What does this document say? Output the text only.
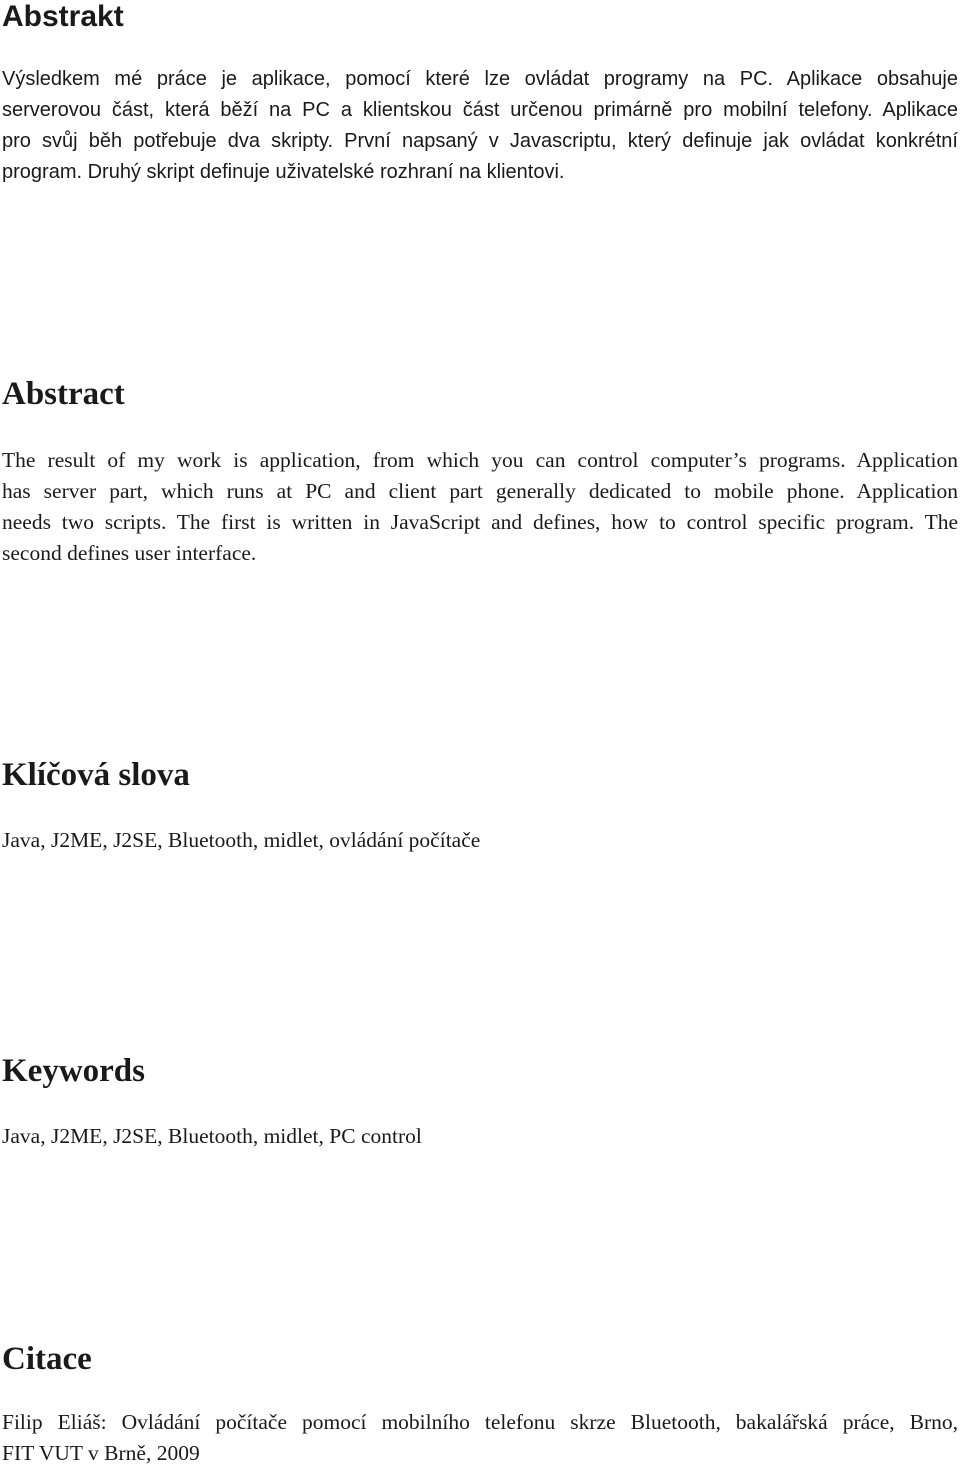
Abstrakt
Výsledkem mé práce je aplikace, pomocí které lze ovládat programy na PC. Aplikace obsahuje
serverovou část, která běží na PC a klientskou část určenou primárně pro mobilní telefony. Aplikace
pro svůj běh potřebuje dva skripty. První napsaný v Javascriptu, který definuje jak ovládat konkrétní
program. Druhý skript definuje uživatelské rozhraní na klientovi.
Abstract
The result of my work is application, from which you can control computer’s programs. Application
has server part, which runs at PC and client part generally dedicated to mobile phone. Application
needs two scripts. The first is written in JavaScript and defines, how to control specific program. The
second defines user interface.
Klíčová slova
Java, J2ME, J2SE, Bluetooth, midlet, ovládání počítače
Keywords
Java, J2ME, J2SE, Bluetooth, midlet, PC control
Citace
Filip Eliáš: Ovládání počítače pomocí mobilního telefonu skrze Bluetooth, bakalářská práce, Brno,
FIT VUT v Brně, 2009
